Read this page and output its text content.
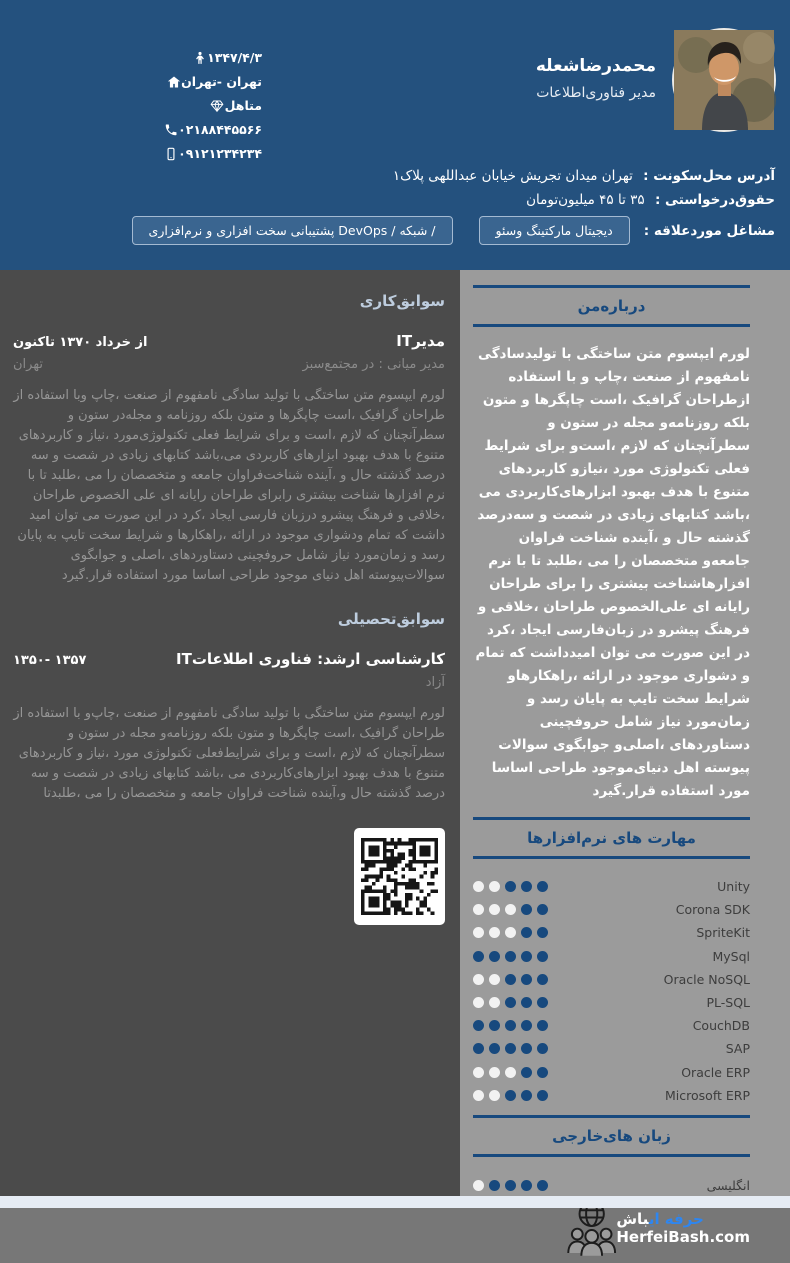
محمدرضاشعله
مدیر فناوری‌اطلاعات
۱۳۴۷/۴/۳
تهران -تهران
متاهل
۰۲۱۸۸۴۴۵۵۶۶
۰۹۱۲۱۲۳۴۲۳۴
آدرس محل‌سکونت : تهران میدان تجریش خیابان عبداللهی پلاک۱
حقوق‌درخواستی : ۳۵ تا ۴۵ میلیون‌تومان
مشاغل موردعلاقه :
دیجیتال مارکتینگ وسئو
/ شبکه / DevOps پشتیبانی سخت افزاری و نرم‌افزاری
سوابق‌کاری
مدیرIT
از خرداد ۱۳۷۰ تاکنون
مدیر میانی : در مجتمع‌سبز
تهران
لورم ایپسوم متن ساختگی با تولید سادگی نامفهوم از صنعت ،چاپ وبا استفاده از طراحان گرافیک ،است چاپگرها و متون بلکه روزنامه و مجله‌در ستون و سطرآنچنان که لازم ،است و برای شرایط فعلی تکنولوژی‌مورد ،نیاز و کاربردهای متنوع با هدف بهبود ابزارهای کاربردی می،باشد کتابهای زیادی در شصت و سه درصد گذشته حال و ،آینده شناخت‌فراوان جامعه و متخصصان را می ،طلبد تا با نرم افزارها شناخت بیشتری رابرای طراحان رایانه ای علی الخصوص طراحان ،خلاقی و فرهنگ پیشرو درزبان فارسی ایجاد ،کرد در این صورت می توان امید داشت که تمام ودشواری موجود در ارائه ،راهکارها و شرایط سخت تایپ به پایان رسد و زمان‌مورد نیاز شامل حروفچینی دستاوردهای ،اصلی و جوابگوی سوالات‌پیوسته اهل دنیای موجود طراحی اساسا مورد استفاده قرار.گیرد
سوابق‌تحصیلی
کارشناسی ارشد: فناوری اطلاعاتIT
۱۳۵۷ -۱۳۵۰
آزاد
لورم ایپسوم متن ساختگی با تولید سادگی نامفهوم از صنعت ،چاپ‌و با استفاده از طراحان گرافیک ،است چاپگرها و متون بلکه روزنامه‌و مجله در ستون و سطرآنچنان که لازم ،است و برای شرایط‌فعلی تکنولوژی مورد ،نیاز و کاربردهای متنوع با هدف بهبود ابزارهای‌کاربردی می ،باشد کتابهای زیادی در شصت و سه درصد گذشته حال و،آینده شناخت فراوان جامعه و متخصصان را می ،طلبدتا
درباره‌من
لورم ایپسوم متن ساختگی با تولیدسادگی نامفهوم از صنعت ،چاپ و با استفاده ازطراحان گرافیک ،است چاپگرها و متون بلکه روزنامه‌و مجله در ستون و سطرآنچنان که لازم ،است‌و برای شرایط فعلی تکنولوژی مورد ،نیازو کاربردهای متنوع با هدف بهبود ابزارهای‌کاربردی می ،باشد کتابهای زیادی در شصت و سه‌درصد گذشته حال و ،آینده شناخت فراوان جامعه‌و متخصصان را می ،طلبد تا با نرم افزارهاشناخت بیشتری را برای طراحان رایانه ای علی‌الخصوص طراحان ،خلاقی و فرهنگ پیشرو در زبان‌فارسی ایجاد ،کرد در این صورت می توان امیدداشت که تمام و دشواری موجود در ارائه ،راهکارهاو شرایط سخت تایپ به پایان رسد و زمان‌مورد نیاز شامل حروفچینی دستاوردهای ،اصلی‌و جوابگوی سوالات پیوسته اهل دنیای‌موجود طراحی اساسا مورد استفاده قرار.گیرد
مهارت های نرم‌افزارها
Unity
Corona SDK
SpriteKit
MySql
Oracle NoSQL
PL-SQL
CouchDB
SAP
Oracle ERP
Microsoft ERP
زبان های‌خارجی
انگلیسی
حرفه ایباش
HerfeiBash.com
